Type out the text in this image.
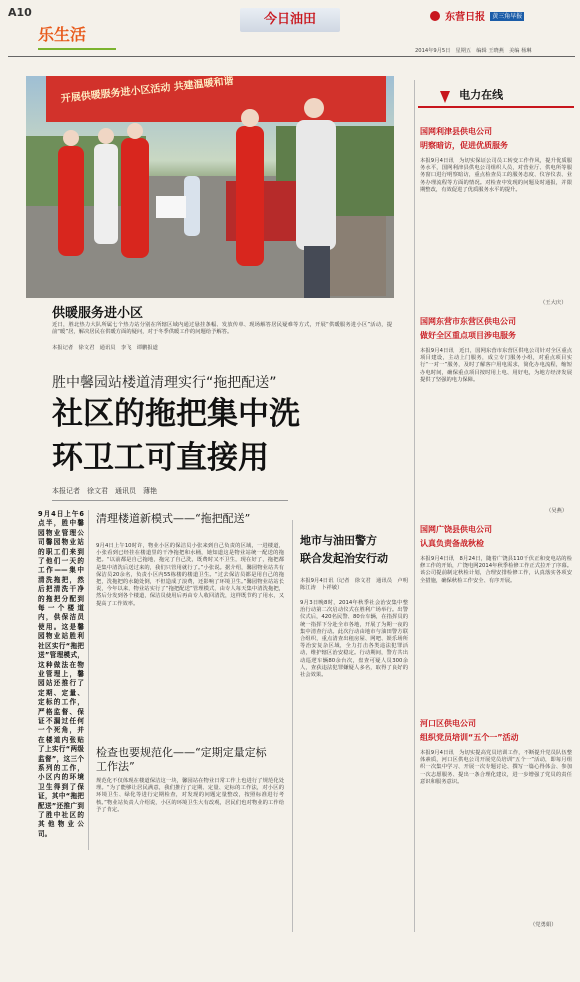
A10	今日油田	东营日报 黄三角早报
乐生活
2014年9月5日　星期五　编辑 王晓燕　美编 杨琳
开展供暖服务进小区活动 共建温暖和谐
供暖服务进小区
近日，胜北热力大队所属七个热力站分别在所辖区域内通过悬挂条幅、发放传单、现场解答居民疑难等方式，开展“供暖服务进小区”活动，提前“暖”居，解决居民在供暖方面的疑问，对于冬季供暖工作的问题给予解答。
本报记者　徐文君　通讯员　李飞　谭鹏报道
胜中馨园站楼道清理实行“拖把配送”
社区的拖把集中洗
环卫工可直接用
本报记者　徐文君　通讯员　薄艳
9月4日上午6点半，胜中馨园物业管理公司馨园物业站的职工们来到了他们一天的工作——集中清洗拖把，然后把清洗干净的拖把分配到每一个楼道内，供保洁员使用。这是馨园物业站胜利社区实行“拖把送”管理模式，这种做法在物业管理上，馨园站还推行了定期、定量、定标的工作，严格监督、保证不漏过任何一个死角，并在楼道内张贴了上实行“两级监督”，这三个系列的工作，小区内的环境卫生得到了保证，其中“拖把配送”还推广到了胜中社区的其他物业公司。
清理楼道新模式——“拖把配送”
9月4日上午10时许，物业小区的保洁员小张来到自己负责的区域，一进楼道，小张看到已经挂在楼道里的干净拖把和水桶，她知道这是物业站统一配送的拖把。“以前都是自己拖地，拖完了自己洗，既费时又不卫生，现在好了，拖把都是集中清洗后送过来的，我们只管用就行了。”小张说。据介绍，馨园物业站共有保洁员20余名，负责小区内55栋楼的楼道卫生。“过去保洁员都是用自己的拖把，洗拖把的水随处倒，不但造成了浪费，还影响了环境卫生。”馨园物业站站长说，今年以来，物业站实行了“拖把配送”管理模式，由专人每天集中清洗拖把，然后分发到各个楼道，保洁员使用后再由专人收回清洗，这样既节约了用水，又提高了工作效率。
检查也要规范化——“定期定量定标工作法”
规范化不仅体现在楼道保洁这一块，馨园站在物业日常工作上也进行了规范化处理。“为了能够让居民满意，我们推行了定期、定量、定标的工作法，对小区的环境卫生、绿化等进行定期检查，对发现的问题定量整改，按照标准进行考核。”物业站负责人介绍说，小区的环境卫生大有改观，居民们也对物业的工作给予了肯定。
地市与油田警方
联合发起治安行动
本报9月4日讯（记者　徐文君　通讯员　卢明　陈江涛　卜祥敏）
9月3日晚8时，2014年秋季社会治安集中整治行动第二次启动仪式在胜利广场举行。出警仪式后，420名民警、80台车辆，在指挥员的统一指挥下分赴全市各地，开展了为期一夜的集中清查行动。此次行动由地市与油田警方联合组织，重点清查出租房屋、网吧、娱乐场所等治安复杂区域，全力打击各类违法犯罪活动，维护辖区治安稳定。行动期间，警方共出动巡逻车辆80余台次，盘查可疑人员300余人，查获违法犯罪嫌疑人多名，取得了良好的社会效果。
电力在线
国网利津县供电公司
明察暗访，促进优质服务
本报9月4日讯　为切实保证公司员工转变工作作风，提升优质服务水平，国网利津县供电公司组织人员，对营业厅、供电所等服务窗口进行明察暗访，重点检查员工的服务态度、仪容仪表、业务办理流程等方面的情况。对检查中发现的问题及时通报，并限期整改，有效促进了优质服务水平的提升。
（王大庆）
国网东营市东营区供电公司
做好全区重点项目涉电服务
本报9月4日讯　近日，国网东营市东营区供电公司针对全区重点项目建设，主动上门服务，成立专门服务小组，对重点项目实行“一对一”服务，及时了解客户用电需求，简化办电流程，缩短办电时间，确保重点项目按时用上电、用好电，为地方经济发展提供了坚强的电力保障。
（吴燕）
国网广饶县供电公司
认真负责备战秋检
本报9月4日讯　8月24日，随着广饶县110千伏正和变电站的检修工作的开始，广饶电网2014年秋季检修工作正式拉开了序幕。该公司提前制定秋检计划，合理安排检修工作，认真落实各项安全措施，确保秋检工作安全、有序开展。
河口区供电公司
组织党员培训“五个一”活动
本报9月4日讯　为切实提高党员培训工作，不断提升党员队伍整体素质，河口区供电公司开展党员培训“五个一”活动，即每月组织一次集中学习、开展一次专题讨论、撰写一篇心得体会、参加一次志愿服务、提出一条合理化建议，进一步增强了党员的责任意识和服务意识。
（党勇娟）
